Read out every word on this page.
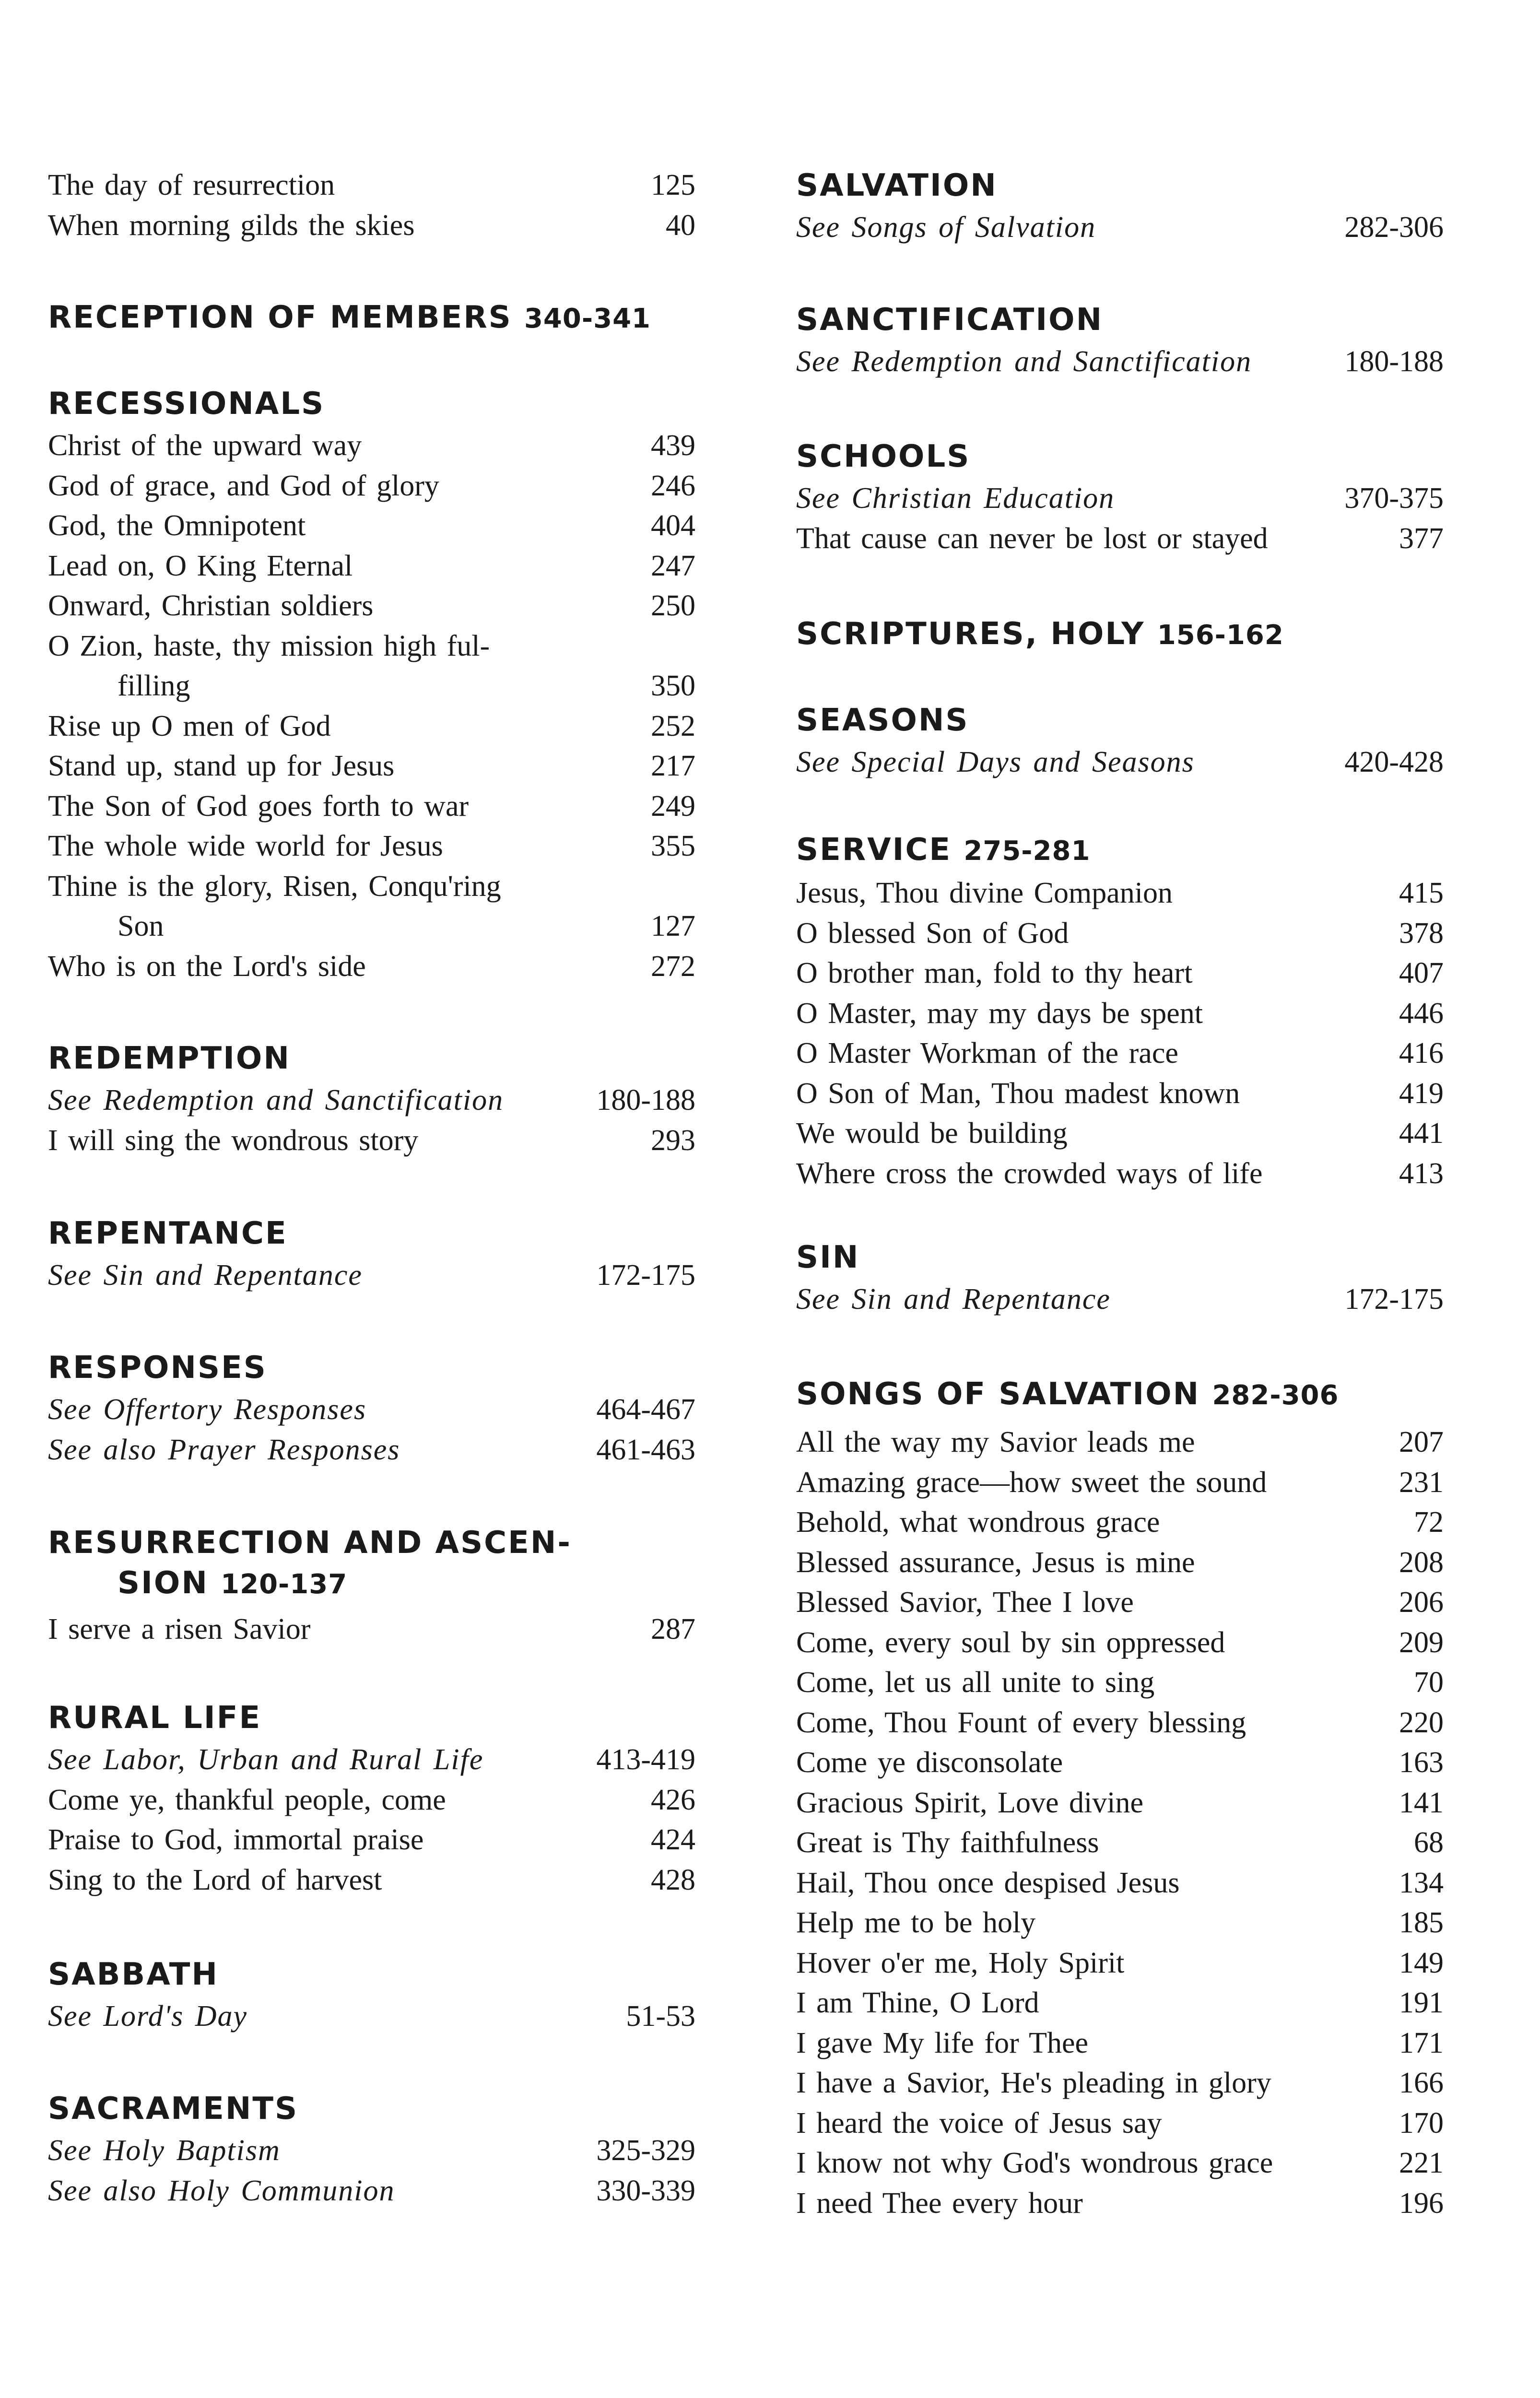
The day of resurrection	125
When morning gilds the skies	40
RECEPTION OF MEMBERS 340-341
RECESSIONALS
Christ of the upward way	439
God of grace, and God of glory	246
God, the Omnipotent	404
Lead on, O King Eternal	247
Onward, Christian soldiers	250
O Zion, haste, thy mission high ful-
filling	350
Rise up O men of God	252
Stand up, stand up for Jesus	217
The Son of God goes forth to war	249
The whole wide world for Jesus	355
Thine is the glory, Risen, Conqu'ring
Son	127
Who is on the Lord's side	272
REDEMPTION
See Redemption and Sanctification	180-188
I will sing the wondrous story	293
REPENTANCE
See Sin and Repentance	172-175
RESPONSES
See Offertory Responses	464-467
See also Prayer Responses	461-463
RESURRECTION AND ASCEN-
SION 120-137
I serve a risen Savior	287
RURAL LIFE
See Labor, Urban and Rural Life	413-419
Come ye, thankful people, come	426
Praise to God, immortal praise	424
Sing to the Lord of harvest	428
SABBATH
See Lord's Day	51-53
SACRAMENTS
See Holy Baptism	325-329
See also Holy Communion	330-339
SALVATION
See Songs of Salvation	282-306
SANCTIFICATION
See Redemption and Sanctification	180-188
SCHOOLS
See Christian Education	370-375
That cause can never be lost or stayed	377
SCRIPTURES, HOLY 156-162
SEASONS
See Special Days and Seasons	420-428
SERVICE 275-281
Jesus, Thou divine Companion	415
O blessed Son of God	378
O brother man, fold to thy heart	407
O Master, may my days be spent	446
O Master Workman of the race	416
O Son of Man, Thou madest known	419
We would be building	441
Where cross the crowded ways of life	413
SIN
See Sin and Repentance	172-175
SONGS OF SALVATION 282-306
All the way my Savior leads me	207
Amazing grace—how sweet the sound	231
Behold, what wondrous grace	72
Blessed assurance, Jesus is mine	208
Blessed Savior, Thee I love	206
Come, every soul by sin oppressed	209
Come, let us all unite to sing	70
Come, Thou Fount of every blessing	220
Come ye disconsolate	163
Gracious Spirit, Love divine	141
Great is Thy faithfulness	68
Hail, Thou once despised Jesus	134
Help me to be holy	185
Hover o'er me, Holy Spirit	149
I am Thine, O Lord	191
I gave My life for Thee	171
I have a Savior, He's pleading in glory	166
I heard the voice of Jesus say	170
I know not why God's wondrous grace	221
I need Thee every hour	196
